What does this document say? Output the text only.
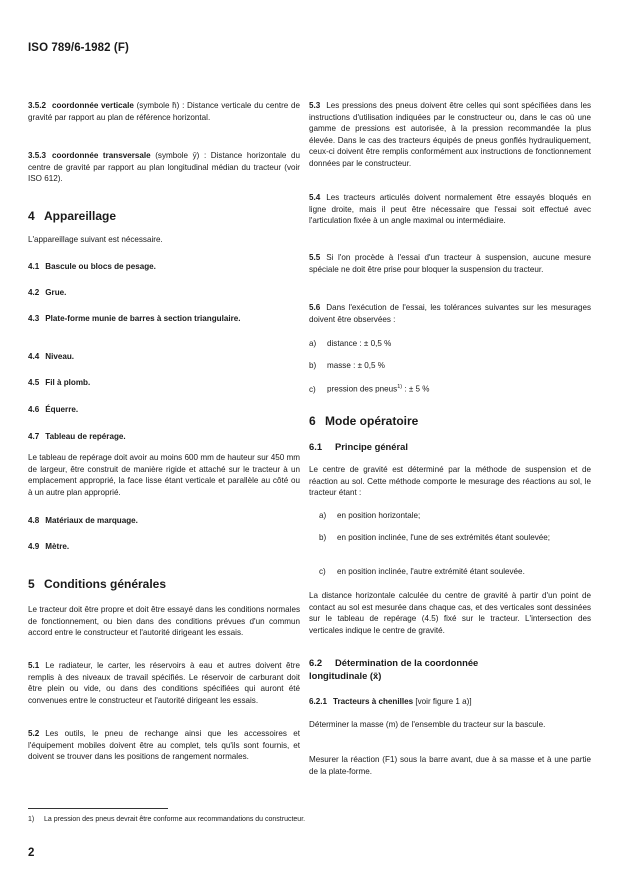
ISO 789/6-1982 (F)
3.5.2 coordonnée verticale (symbole h̄) : Distance verticale du centre de gravité par rapport au plan de référence horizontal.
3.5.3 coordonnée transversale (symbole ȳ) : Distance horizontale du centre de gravité par rapport au plan longitudinal médian du tracteur (voir ISO 612).
4 Appareillage
L'appareillage suivant est nécessaire.
4.1 Bascule ou blocs de pesage.
4.2 Grue.
4.3 Plate-forme munie de barres à section triangulaire.
4.4 Niveau.
4.5 Fil à plomb.
4.6 Équerre.
4.7 Tableau de repérage.
Le tableau de repérage doit avoir au moins 600 mm de hauteur sur 450 mm de largeur, être construit de manière rigide et attaché sur le tracteur à un emplacement approprié, la face lisse étant verticale et parallèle au côté ou à un autre plan approprié.
4.8 Matériaux de marquage.
4.9 Mètre.
5 Conditions générales
Le tracteur doit être propre et doit être essayé dans les conditions normales de fonctionnement, ou bien dans des conditions prévues d'un commun accord entre le constructeur et l'autorité dirigeant les essais.
5.1 Le radiateur, le carter, les réservoirs à eau et autres doivent être remplis à des niveaux de travail spécifiés. Le réservoir de carburant doit être plein ou vide, ou dans des conditions spécifiées qui auront été convenues entre le constructeur et l'autorité dirigeant les essais.
5.2 Les outils, le pneu de rechange ainsi que les accessoires et l'équipement mobiles doivent être au complet, tels qu'ils sont fournis, et doivent se trouver dans les positions de rangement normales.
5.3 Les pressions des pneus doivent être celles qui sont spécifiées dans les instructions d'utilisation indiquées par le constructeur ou, dans le cas où une gamme de pressions est autorisée, à la pression recommandée la plus élevée. Dans le cas des tracteurs équipés de pneus gonflés hydrauliquement, ceux-ci doivent être remplis conformément aux instructions de fonctionnement données par le constructeur.
5.4 Les tracteurs articulés doivent normalement être essayés bloqués en ligne droite, mais il peut être nécessaire que l'essai soit effectué avec l'articulation fixée à un angle maximal ou intermédiaire.
5.5 Si l'on procède à l'essai d'un tracteur à suspension, aucune mesure spéciale ne doit être prise pour bloquer la suspension du tracteur.
5.6 Dans l'exécution de l'essai, les tolérances suivantes sur les mesurages doivent être observées :
a) distance : ± 0,5 %
b) masse : ± 0,5 %
c) pression des pneus$^{1)}$ : ± 5 %
6 Mode opératoire
6.1 Principe général
Le centre de gravité est déterminé par la méthode de suspension et de réaction au sol. Cette méthode comporte le mesurage des réactions au sol, le tracteur étant :
a) en position horizontale;
b) en position inclinée, l'une de ses extrémités étant soulevée;
c) en position inclinée, l'autre extrémité étant soulevée.
La distance horizontale calculée du centre de gravité à partir d'un point de contact au sol est mesurée dans chaque cas, et des verticales sont dessinées sur le tableau de repérage (4.5) fixé sur le tracteur. L'intersection des verticales indique le centre de gravité.
6.2 Détermination de la coordonnée
longitudinale (x̄)
6.2.1 Tracteurs à chenilles [voir figure 1 a)]
Déterminer la masse (m) de l'ensemble du tracteur sur la bascule.
Mesurer la réaction (F1) sous la barre avant, due à sa masse et à une partie de la plate-forme.
1) La pression des pneus devrait être conforme aux recommandations du constructeur.
2
